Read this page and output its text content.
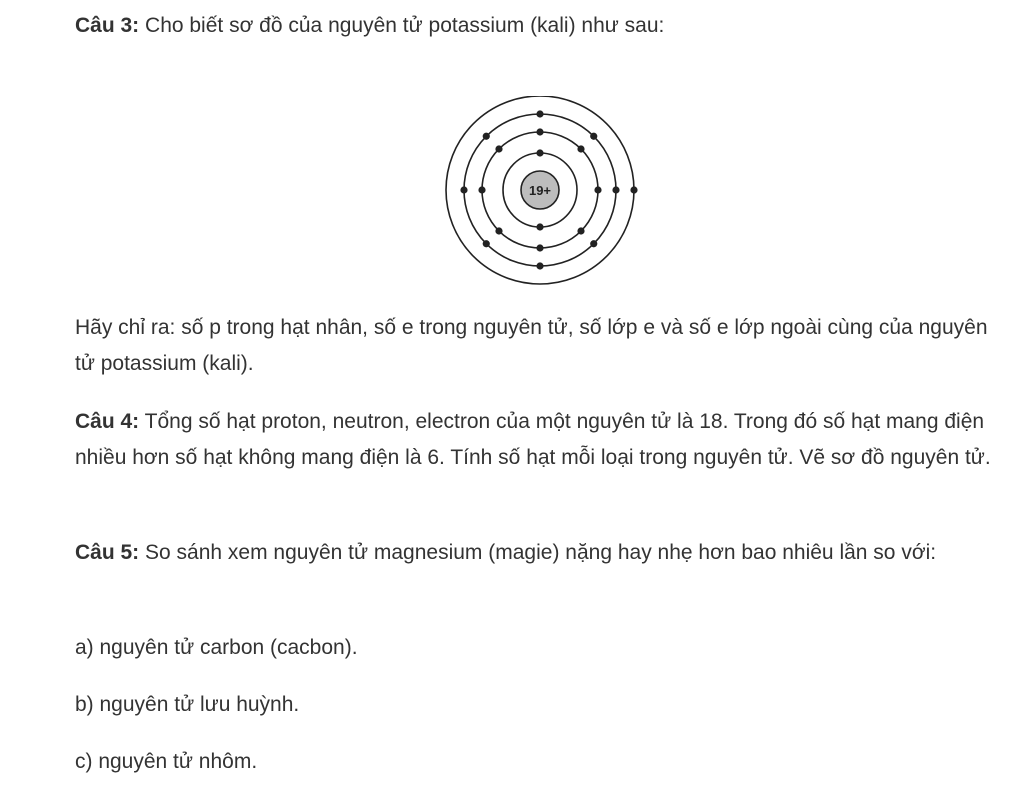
Câu 3: Cho biết sơ đồ của nguyên tử potassium (kali) như sau:

19+

Hãy chỉ ra: số p trong hạt nhân, số e trong nguyên tử, số lớp e và số e lớp ngoài cùng của nguyên tử potassium (kali).

Câu 4: Tổng số hạt proton, neutron, electron của một nguyên tử là 18. Trong đó số hạt mang điện nhiều hơn số hạt không mang điện là 6. Tính số hạt mỗi loại trong nguyên tử. Vẽ sơ đồ nguyên tử.

Câu 5: So sánh xem nguyên tử magnesium (magie) nặng hay nhẹ hơn bao nhiêu lần so với:

a) nguyên tử carbon (cacbon).

b) nguyên tử lưu huỳnh.

c) nguyên tử nhôm.
